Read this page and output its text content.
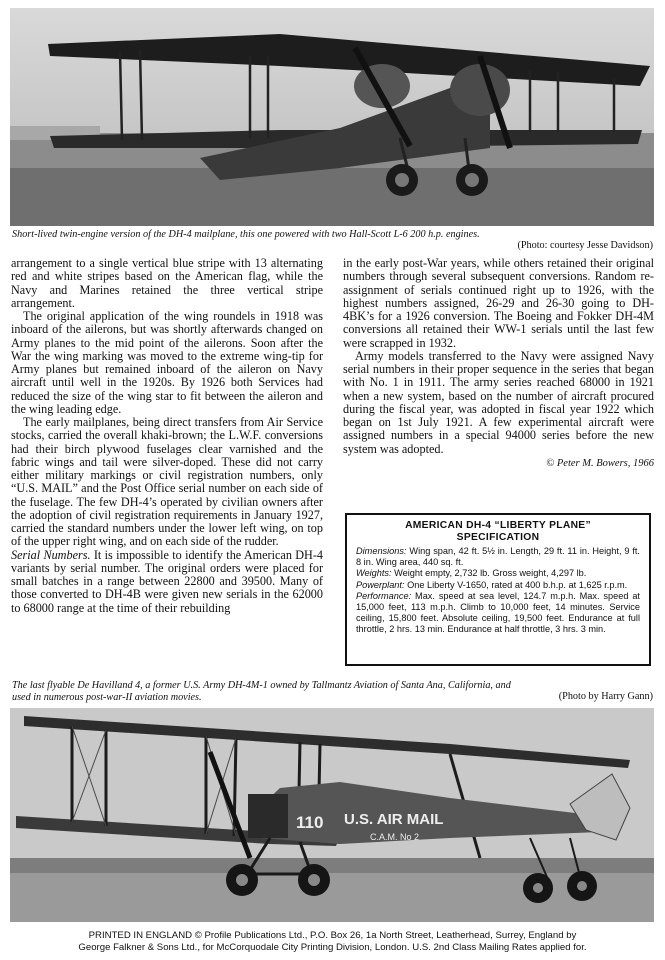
Short-lived twin-engine version of the DH-4 mailplane, this one powered with two Hall-Scott L-6 200 h.p. engines.
(Photo: courtesy Jesse Davidson)

arrangement to a single vertical blue stripe with 13 alternating red and white stripes based on the American flag, while the Navy and Marines retained the three vertical stripe arrangement.

The original application of the wing roundels in 1918 was inboard of the ailerons, but was shortly afterwards changed on Army planes to the mid point of the ailerons. Soon after the War the wing marking was moved to the extreme wing-tip for Army planes but remained inboard of the aileron on Navy aircraft until well in the 1920s. By 1926 both Services had reduced the size of the wing star to fit between the aileron and the wing leading edge.

The early mailplanes, being direct transfers from Air Service stocks, carried the overall khaki-brown; the L.W.F. conversions had their birch plywood fuselages clear varnished and the fabric wings and tail were silver-doped. These did not carry either military markings or civil registration numbers, only “U.S. MAIL” and the Post Office serial number on each side of the fuselage. The few DH-4’s operated by civilian owners after the adoption of civil registration requirements in January 1927, carried the standard numbers under the lower left wing, on top of the upper right wing, and on each side of the rudder.

Serial Numbers. It is impossible to identify the American DH-4 variants by serial number. The original orders were placed for small batches in a range between 22800 and 39500. Many of those converted to DH-4B were given new serials in the 62000 to 68000 range at the time of their rebuilding

in the early post-War years, while others retained their original numbers through several subsequent conversions. Random re-assignment of serials continued right up to 1926, with the highest numbers assigned, 26-29 and 26-30 going to DH-4BK’s for a 1926 conversion. The Boeing and Fokker DH-4M conversions all retained their WW-1 serials until the last few were scrapped in 1932.

Army models transferred to the Navy were assigned Navy serial numbers in their proper sequence in the series that began with No. 1 in 1911. The army series reached 68000 in 1921 when a new system, based on the number of aircraft procured during the fiscal year, was adopted in fiscal year 1922 which began on 1st July 1921. A few experimental aircraft were assigned numbers in a special 94000 series before the new system was adopted.

© Peter M. Bowers, 1966
AMERICAN DH-4 “LIBERTY PLANE”
SPECIFICATION

Dimensions: Wing span, 42 ft. 5½ in. Length, 29 ft. 11 in. Height, 9 ft. 8 in. Wing area, 440 sq. ft.

Weights: Weight empty, 2,732 lb. Gross weight, 4,297 lb.

Powerplant: One Liberty V-1650, rated at 400 b.h.p. at 1,625 r.p.m.

Performance: Max. speed at sea level, 124.7 m.p.h. Max. speed at 15,000 feet, 113 m.p.h. Climb to 10,000 feet, 14 minutes. Service ceiling, 15,800 feet. Absolute ceiling, 19,500 feet. Endurance at full throttle, 2 hrs. 13 min. Endurance at half throttle, 3 hrs. 3 min.

The last flyable De Havilland 4, a former U.S. Army DH-4M-1 owned by Tallmantz Aviation of Santa Ana, California, and used in numerous post-war-II aviation movies.	(Photo by Harry Gann)
110 U.S. AIR MAIL
C.A.M. No 2
PRINTED IN ENGLAND © Profile Publications Ltd., P.O. Box 26, 1a North Street, Leatherhead, Surrey, England by
George Falkner & Sons Ltd., for McCorquodale City Printing Division, London. U.S. 2nd Class Mailing Rates applied for.
